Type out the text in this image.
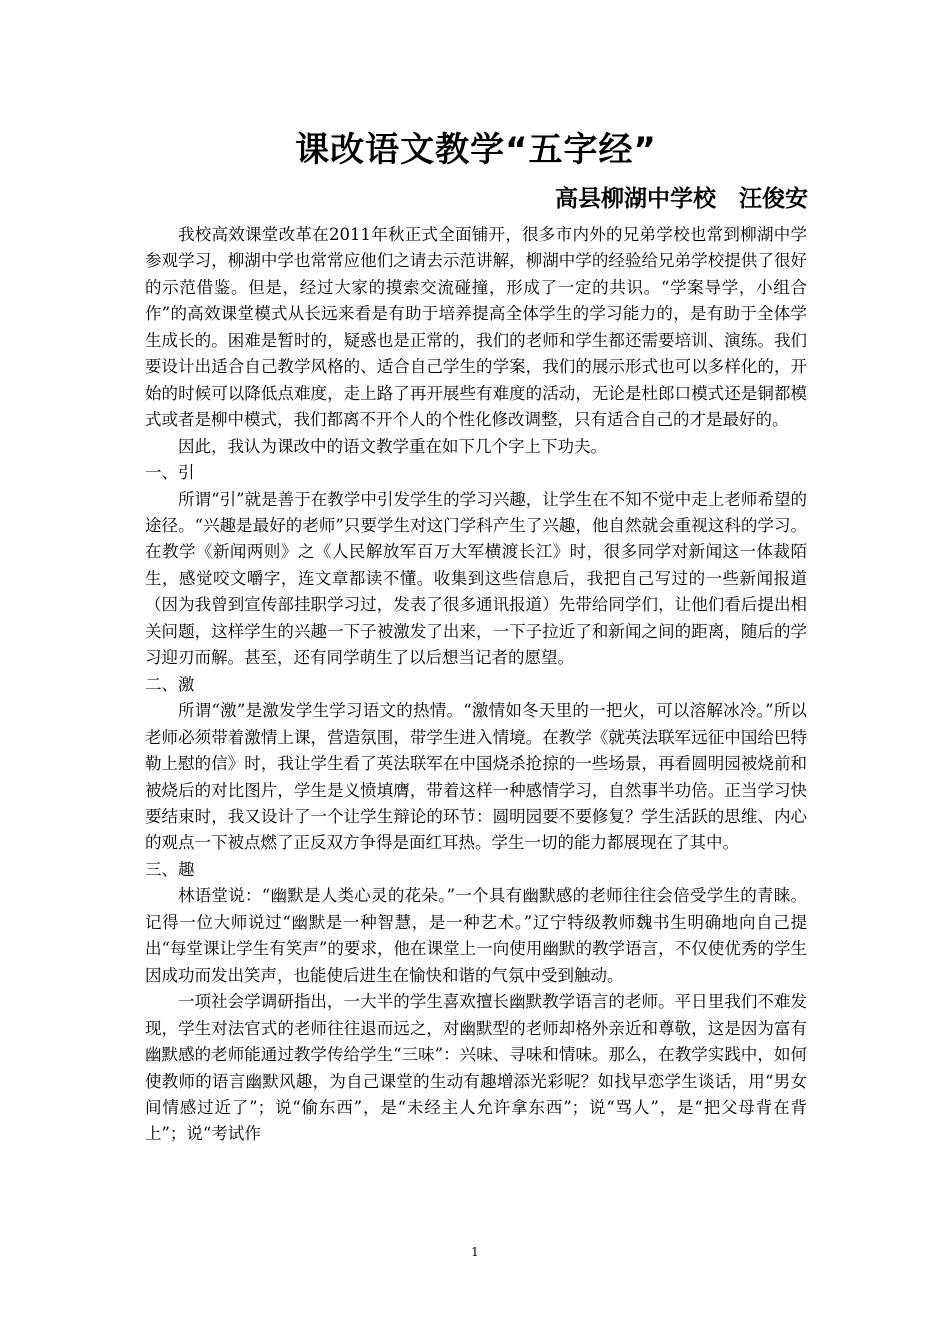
课改语文教学“五字经”
高县柳湖中学校　汪俊安

我校高效课堂改革在2011年秋正式全面铺开，很多市内外的兄弟学校也常到柳湖中学参观学习，柳湖中学也常常应他们之请去示范讲解，柳湖中学的经验给兄弟学校提供了很好的示范借鉴。但是，经过大家的摸索交流碰撞，形成了一定的共识。“学案导学，小组合作”的高效课堂模式从长远来看是有助于培养提高全体学生的学习能力的，是有助于全体学生成长的。困难是暂时的，疑惑也是正常的，我们的老师和学生都还需要培训、演练。我们要设计出适合自己教学风格的、适合自己学生的学案，我们的展示形式也可以多样化的，开始的时候可以降低点难度，走上路了再开展些有难度的活动，无论是杜郎口模式还是铜都模式或者是柳中模式，我们都离不开个人的个性化修改调整，只有适合自己的才是最好的。

因此，我认为课改中的语文教学重在如下几个字上下功夫。

一、引

所谓“引”就是善于在教学中引发学生的学习兴趣，让学生在不知不觉中走上老师希望的途径。“兴趣是最好的老师”只要学生对这门学科产生了兴趣，他自然就会重视这科的学习。在教学《新闻两则》之《人民解放军百万大军横渡长江》时，很多同学对新闻这一体裁陌生，感觉咬文嚼字，连文章都读不懂。收集到这些信息后，我把自己写过的一些新闻报道（因为我曾到宣传部挂职学习过，发表了很多通讯报道）先带给同学们，让他们看后提出相关问题，这样学生的兴趣一下子被激发了出来，一下子拉近了和新闻之间的距离，随后的学习迎刃而解。甚至，还有同学萌生了以后想当记者的愿望。

二、激

所谓“激”是激发学生学习语文的热情。“激情如冬天里的一把火，可以溶解冰冷。”所以老师必须带着激情上课，营造氛围，带学生进入情境。在教学《就英法联军远征中国给巴特勒上慰的信》时，我让学生看了英法联军在中国烧杀抢掠的一些场景，再看圆明园被烧前和被烧后的对比图片，学生是义愤填膺，带着这样一种感情学习，自然事半功倍。正当学习快要结束时，我又设计了一个让学生辩论的环节：圆明园要不要修复？学生活跃的思维、内心的观点一下被点燃了正反双方争得是面红耳热。学生一切的能力都展现在了其中。

三、趣

林语堂说：“幽默是人类心灵的花朵。”一个具有幽默感的老师往往会倍受学生的青睐。记得一位大师说过“幽默是一种智慧，是一种艺术。”辽宁特级教师魏书生明确地向自己提出“每堂课让学生有笑声”的要求，他在课堂上一向使用幽默的教学语言，不仅使优秀的学生因成功而发出笑声，也能使后进生在愉快和谐的气氛中受到触动。

一项社会学调研指出，一大半的学生喜欢擅长幽默教学语言的老师。平日里我们不难发现，学生对法官式的老师往往退而远之，对幽默型的老师却格外亲近和尊敬，这是因为富有幽默感的老师能通过教学传给学生“三味”：兴味、寻味和情味。那么，在教学实践中，如何使教师的语言幽默风趣，为自己课堂的生动有趣增添光彩呢？如找早恋学生谈话，用“男女间情感过近了”；说“偷东西”，是“未经主人允许拿东西”；说“骂人”，是“把父母背在背上”；说“考试作

1
